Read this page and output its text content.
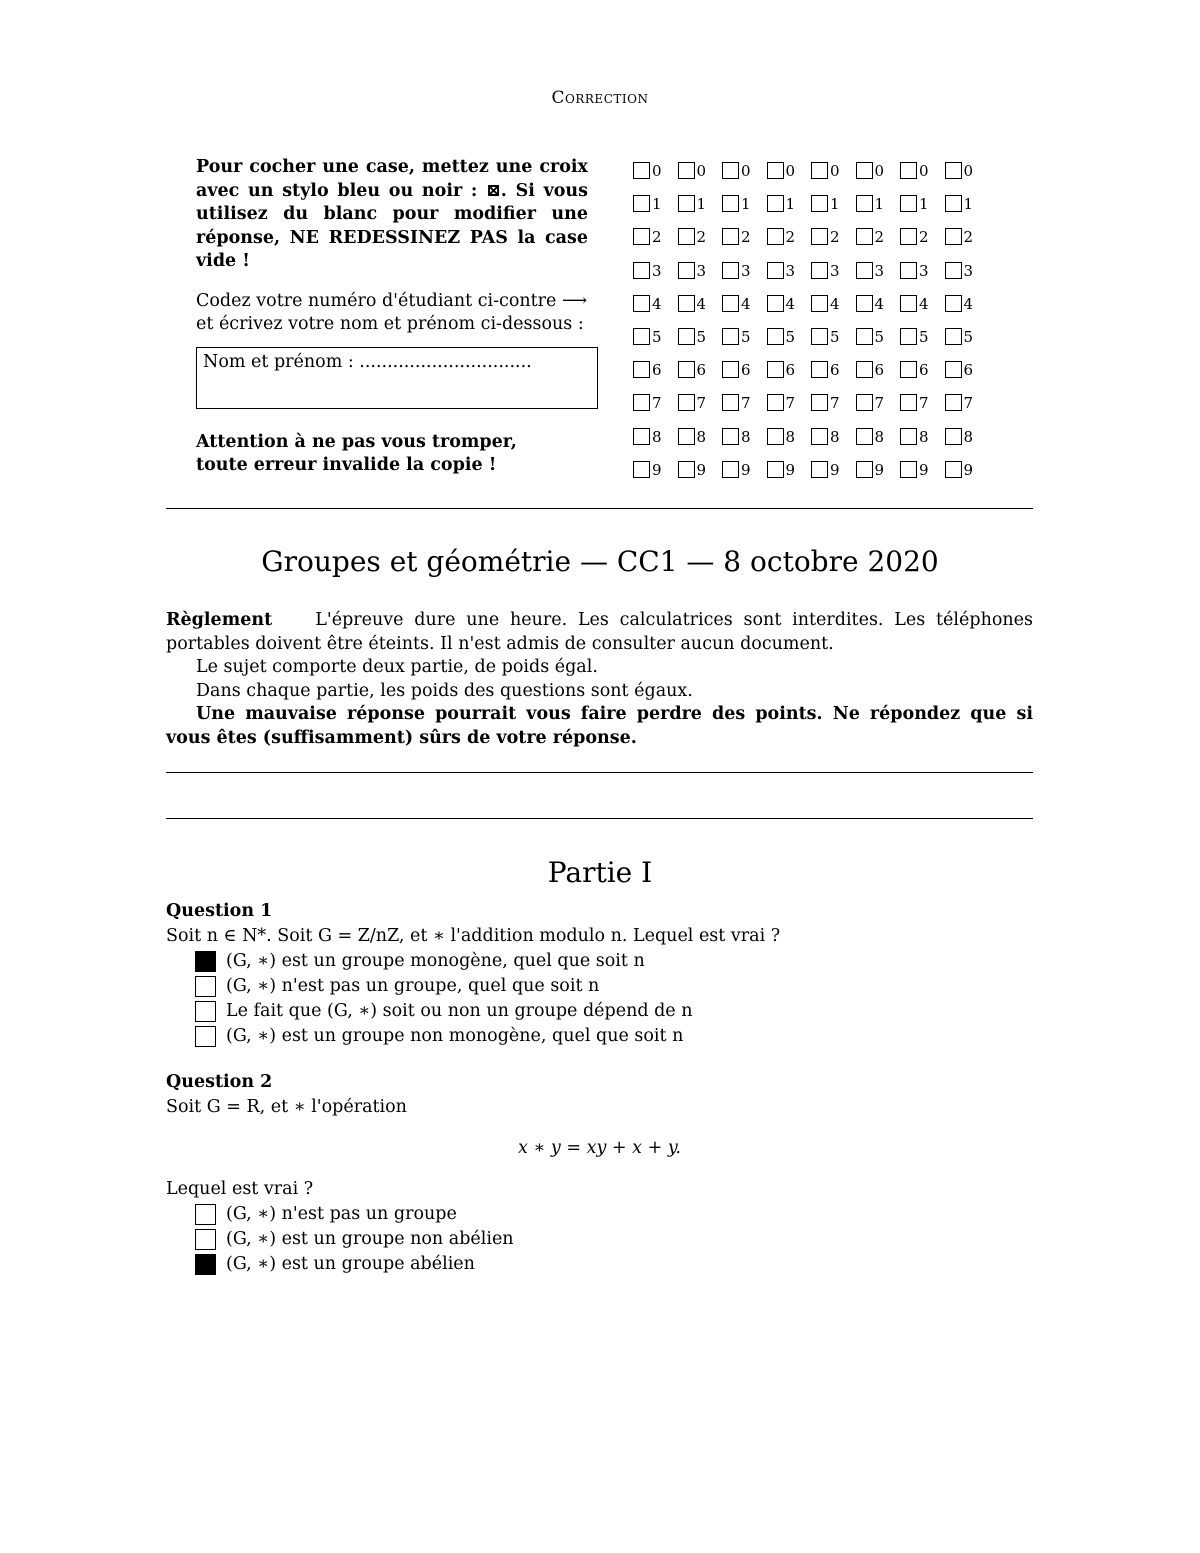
Correction
Pour cocher une case, mettez une croix avec un stylo bleu ou noir : ⊠. Si vous utilisez du blanc pour modifier une réponse, NE REDESSINEZ PAS la case vide !
Codez votre numéro d'étudiant ci-contre ⟶
et écrivez votre nom et prénom ci-dessous :
Nom et prénom : ...............................
Attention à ne pas vous tromper,
toute erreur invalide la copie !
0 0 0 0 0 0 0 0
1 1 1 1 1 1 1 1
2 2 2 2 2 2 2 2
3 3 3 3 3 3 3 3
4 4 4 4 4 4 4 4
5 5 5 5 5 5 5 5
6 6 6 6 6 6 6 6
7 7 7 7 7 7 7 7
8 8 8 8 8 8 8 8
9 9 9 9 9 9 9 9
Groupes et géométrie — CC1 — 8 octobre 2020

Règlement L'épreuve dure une heure. Les calculatrices sont interdites. Les téléphones portables doivent être éteints. Il n'est admis de consulter aucun document.

Le sujet comporte deux partie, de poids égal.

Dans chaque partie, les poids des questions sont égaux.

Une mauvaise réponse pourrait vous faire perdre des points. Ne répondez que si vous êtes (suffisamment) sûrs de votre réponse.

Partie I
Question 1
Soit n ∈ N*. Soit G = Z/nZ, et ∗ l'addition modulo n. Lequel est vrai ?
(G, ∗) est un groupe monogène, quel que soit n
(G, ∗) n'est pas un groupe, quel que soit n
Le fait que (G, ∗) soit ou non un groupe dépend de n
(G, ∗) est un groupe non monogène, quel que soit n
Question 2
Soit G = R, et ∗ l'opération
x ∗ y = xy + x + y.
Lequel est vrai ?
(G, ∗) n'est pas un groupe
(G, ∗) est un groupe non abélien
(G, ∗) est un groupe abélien
